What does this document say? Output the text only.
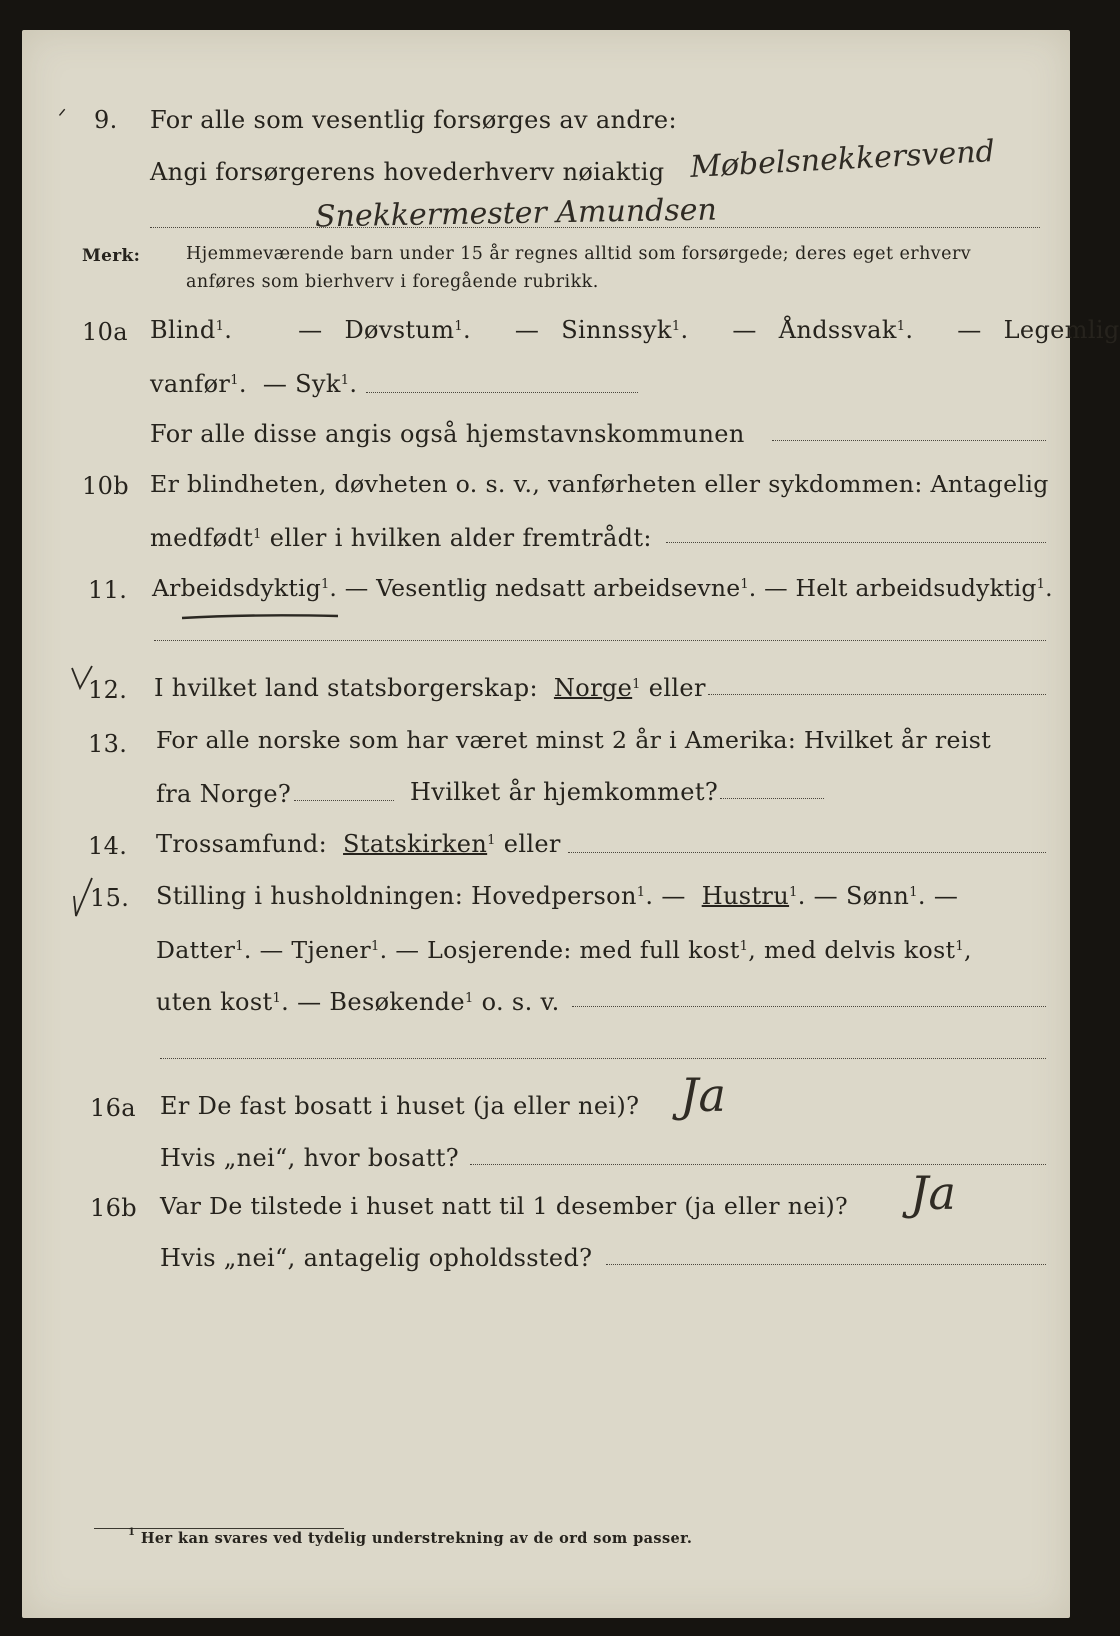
ᐟ 9. For alle som vesentlig forsørges av andre:
Angi forsørgerens hovederhverv nøiaktig Møbelsnekkersvend
Snekkermester Amundsen
Merk:	Hjemmeværende barn under 15 år regnes alltid som forsørgede; deres eget erhverv
anføres som bierhverv i foregående rubrikk.
10a Blind$^1$.	— Døvstum$^1$. — Sinnssyk$^1$. — Åndssvak$^1$. — Legemlig
vanfør$^1$. — Syk$^1$.
For alle disse angis også hjemstavnskommunen
10b Er blindheten, døvheten o. s. v., vanførheten eller sykdommen: Antagelig
medfødt$^1$ eller i hvilken alder fremtrådt:
11. Arbeidsdyktig$^1$. — Vesentlig nedsatt arbeidsevne$^1$. — Helt arbeidsudyktig$^1$.
12. I hvilket land statsborgerskap: Norge$^1$ eller
13. For alle norske som har været minst 2 år i Amerika: Hvilket år reist
fra Norge?	Hvilket år hjemkommet?
14. Trossamfund: Statskirken$^1$ eller
15. Stilling i husholdningen: Hovedperson$^1$. — Hustru$^1$. — Sønn$^1$. —
Datter$^1$. — Tjener$^1$. — Losjerende: med full kost$^1$, med delvis kost$^1$,
uten kost$^1$. — Besøkende$^1$ o. s. v.
16a Er De fast bosatt i huset (ja eller nei)? Ja
Hvis „nei“, hvor bosatt?
16b Var De tilstede i huset natt til 1 desember (ja eller nei)? Ja
Hvis „nei“, antagelig opholdssted?
$^1$ Her kan svares ved tydelig understrekning av de ord som passer.
